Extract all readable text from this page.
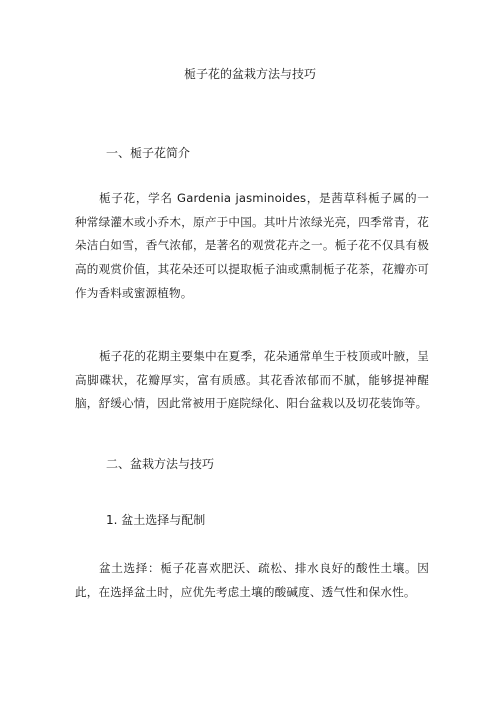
栀子花的盆栽方法与技巧
一、栀子花简介

栀子花，学名 Gardenia jasminoides，是茜草科栀子属的一种常绿灌木或小乔木，原产于中国。其叶片浓绿光亮，四季常青，花朵洁白如雪，香气浓郁，是著名的观赏花卉之一。栀子花不仅具有极高的观赏价值，其花朵还可以提取栀子油或熏制栀子花茶，花瓣亦可作为香料或蜜源植物。

栀子花的花期主要集中在夏季，花朵通常单生于枝顶或叶腋，呈高脚碟状，花瓣厚实，富有质感。其花香浓郁而不腻，能够提神醒脑，舒缓心情，因此常被用于庭院绿化、阳台盆栽以及切花装饰等。

二、盆栽方法与技巧
1. 盆土选择与配制

盆土选择：栀子花喜欢肥沃、疏松、排水良好的酸性土壤。因此，在选择盆土时，应优先考虑土壤的酸碱度、透气性和保水性。
